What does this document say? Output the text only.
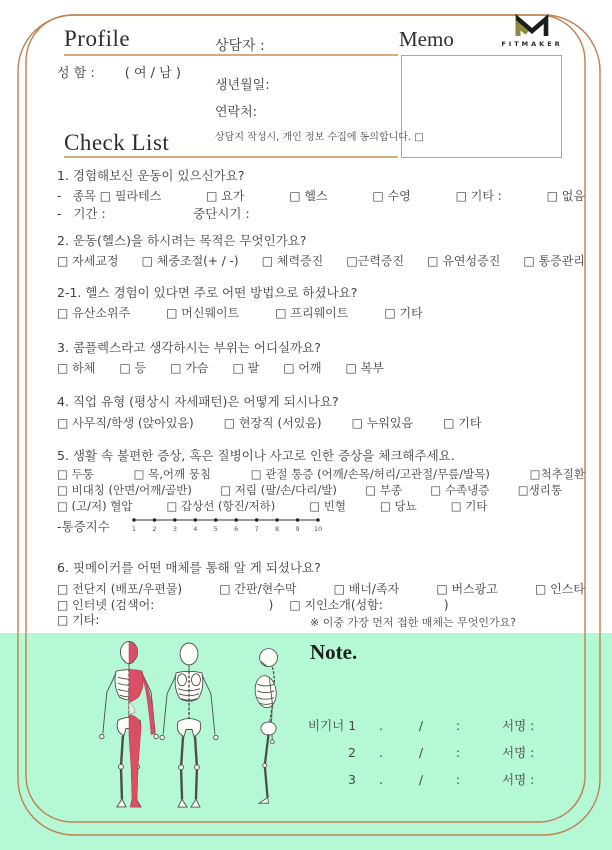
Profile	상담자 :	Memo	FITMAKER
성 함 : ( 여 / 남 )
생년월일:
연락처:
상담지 작성시, 개인 정보 수집에 동의합니다. □
Check List
1. 경험해보신 운동이 있으신가요?
-   종목 □ 필라테스	□ 요가	□ 헬스	□ 수영	□ 기타 :	□ 없음
-   기간 :                      중단시기 :
2. 운동(헬스)을 하시려는 목적은 무엇인가요?
□ 자세교정 □ 체중조절(+ / -) □ 체력증진 □근력증진 □ 유연성증진 □ 통증관리
2-1. 헬스 경험이 있다면 주로 어떤 방법으로 하셨나요?
□ 유산소위주	□ 머신웨이트	□ 프리웨이트	□ 기타
3. 콤플렉스라고 생각하시는 부위는 어디실까요?
□ 하체 □ 등 □ 가슴 □ 팔 □ 어깨 □ 복부
4. 직업 유형 (평상시 자세패턴)은 어떻게 되시나요?
□ 사무직/학생 (앉아있음)	□ 현장직 (서있음)	□ 누워있음	□ 기타
5. 생활 속 불편한 증상, 혹은 질병이나 사고로 인한 증상을 체크해주세요.
□ 두통	□ 목,어깨 뭉침	□ 관절 통증 (어깨/손목/허리/고관절/무릎/발목)	□척추질환
□ 비대칭 (안면/어깨/골반) □ 저림 (팔/손/다리/발) □ 부종 □ 수족냉증 □생리통
□ (고/저) 혈압	□ 갑상선 (항진/저하)	□ 빈혈	□ 당뇨	□ 기타
-통증지수	1	2	3	4	5	6	7	8	9 10
6. 핏메이커를 어떤 매체를 통해 알 게 되셨나요?
□ 전단지 (배포/우편물)	□ 간판/현수막	□ 배너/족자	□ 버스광고	□ 인스타
□ 인터넷 (검색어:                              ) □ 지인소개(성함:                )
□ 기타:	※ 이중 가장 먼저 접한 매체는 무엇인가요?
Note.
비기너 1	.	/	:	서명 :
2	.	/	:	서명 :
3	.	/	:	서명 :
